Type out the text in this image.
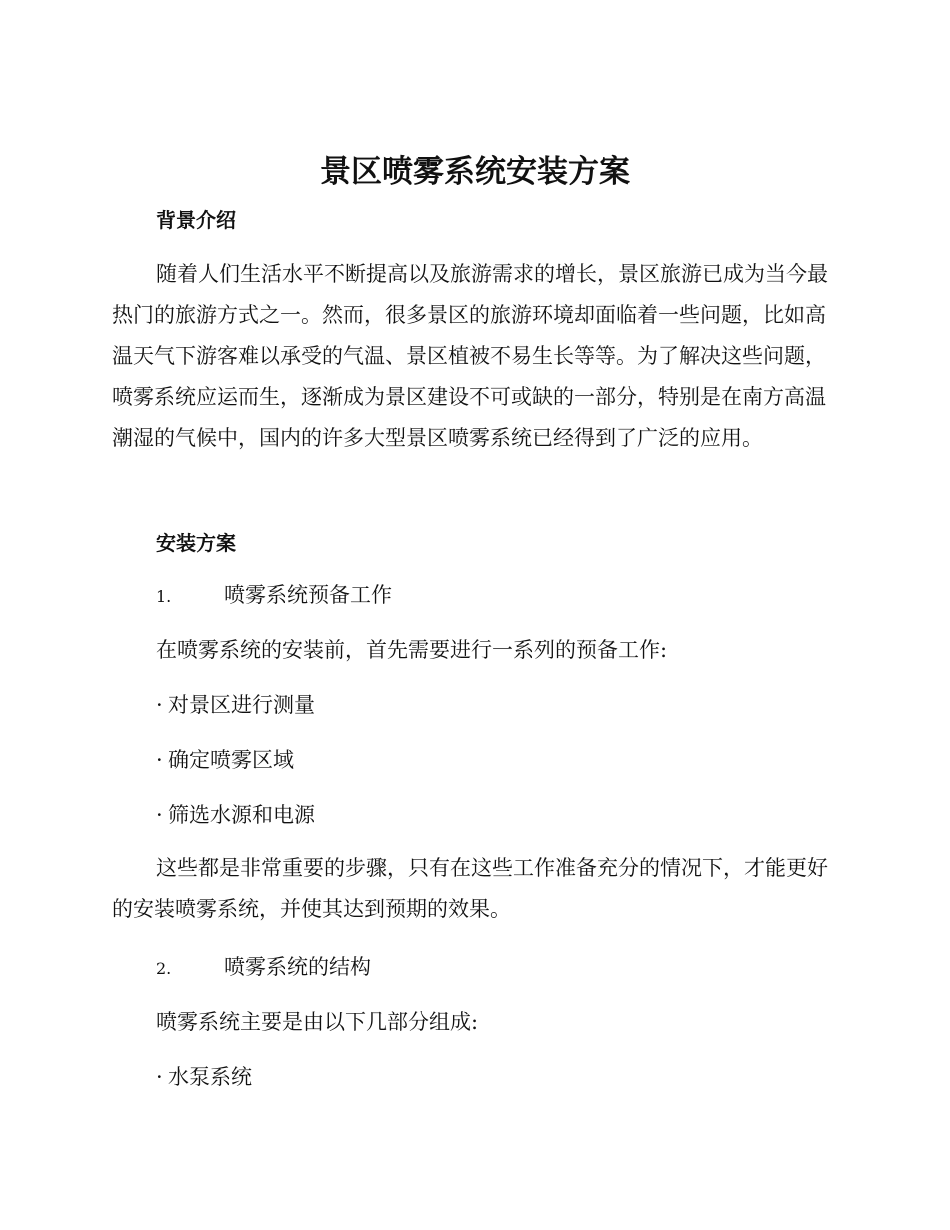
景区喷雾系统安装方案
背景介绍

随着人们生活水平不断提高以及旅游需求的增长，景区旅游已成为当今最热门的旅游方式之一。然而，很多景区的旅游环境却面临着一些问题，比如高温天气下游客难以承受的气温、景区植被不易生长等等。为了解决这些问题，喷雾系统应运而生，逐渐成为景区建设不可或缺的一部分，特别是在南方高温潮湿的气候中，国内的许多大型景区喷雾系统已经得到了广泛的应用。

安装方案

1.	喷雾系统预备工作

在喷雾系统的安装前，首先需要进行一系列的预备工作:

· 对景区进行测量

· 确定喷雾区域

· 筛选水源和电源

这些都是非常重要的步骤，只有在这些工作准备充分的情况下，才能更好的安装喷雾系统，并使其达到预期的效果。

2.	喷雾系统的结构

喷雾系统主要是由以下几部分组成:

· 水泵系统
